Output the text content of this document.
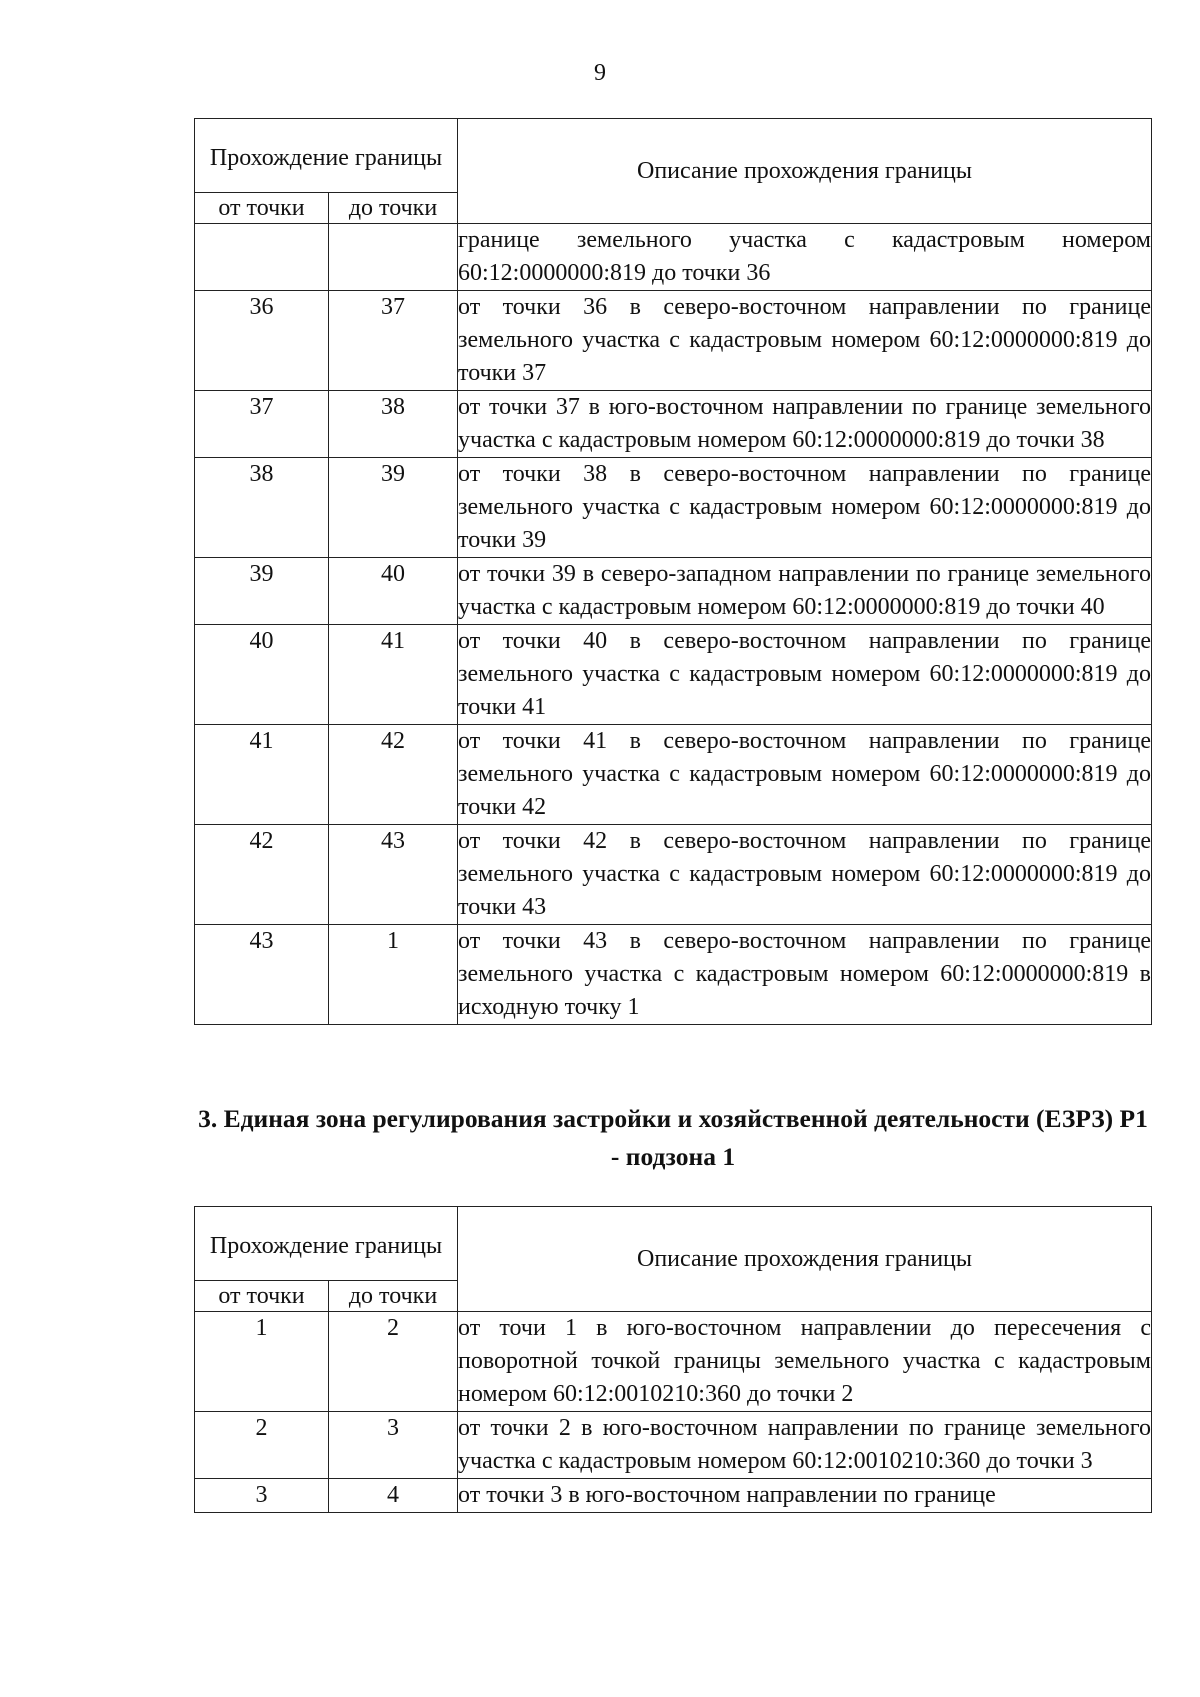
9
Прохождение границы		Описание прохождения границы
от точки	до точки	
		границе земельного участка с кадастровым номером 60:12:0000000:819 до точки 36
36	37	от точки 36 в северо-восточном направлении по границе земельного участка с кадастровым номером 60:12:0000000:819 до точки 37
37	38	от точки 37 в юго-восточном направлении по границе земельного участка с кадастровым номером 60:12:0000000:819 до точки 38
38	39	от точки 38 в северо-восточном направлении по границе земельного участка с кадастровым номером 60:12:0000000:819 до точки 39
39	40	от точки 39 в северо-западном направлении по границе земельного участка с кадастровым номером 60:12:0000000:819 до точки 40
40	41	от точки 40 в северо-восточном направлении по границе земельного участка с кадастровым номером 60:12:0000000:819 до точки 41
41	42	от точки 41 в северо-восточном направлении по границе земельного участка с кадастровым номером 60:12:0000000:819 до точки 42
42	43	от точки 42 в северо-восточном направлении по границе земельного участка с кадастровым номером 60:12:0000000:819 до точки 43
43	1	от точки 43 в северо-восточном направлении по границе земельного участка с кадастровым номером 60:12:0000000:819 в исходную точку 1
3. Единая зона регулирования застройки и хозяйственной деятельности (ЕЗРЗ) Р1 - подзона 1
Прохождение границы		Описание прохождения границы
от точки	до точки	
1	2	от точи 1 в юго-восточном направлении до пересечения с поворотной точкой границы земельного участка с кадастровым номером 60:12:0010210:360 до точки 2
2	3	от точки 2 в юго-восточном направлении по границе земельного участка с кадастровым номером 60:12:0010210:360 до точки 3
3	4	от точки 3 в юго-восточном направлении по границе
